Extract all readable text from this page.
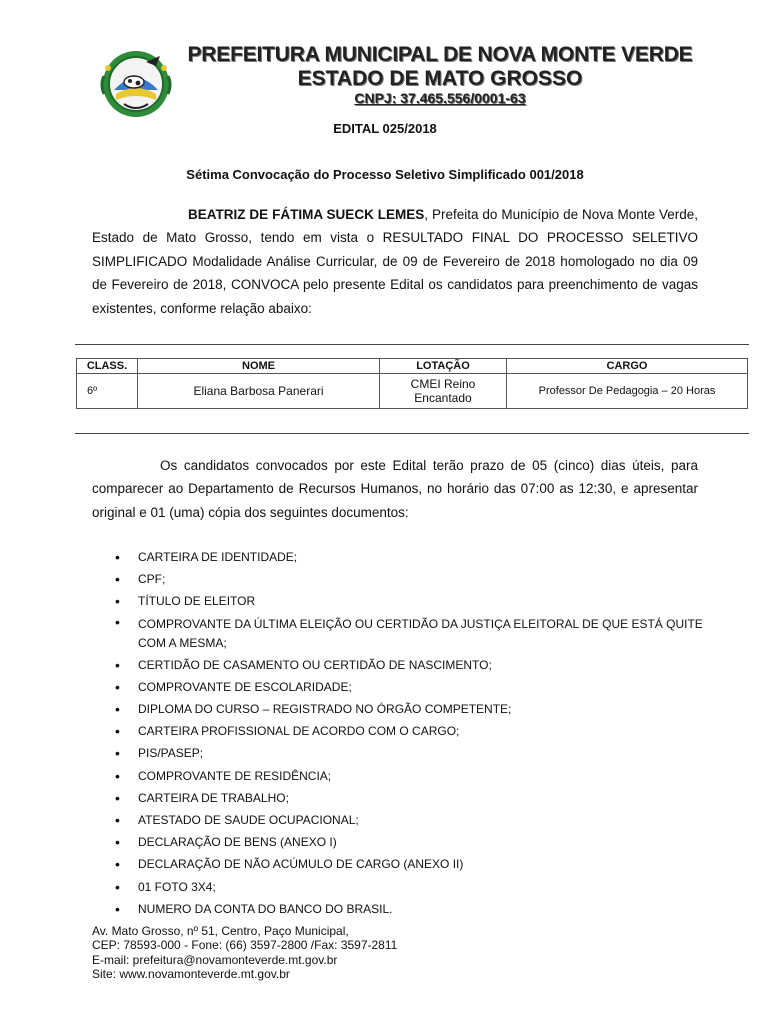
PREFEITURA MUNICIPAL DE NOVA MONTE VERDE
ESTADO DE MATO GROSSO
CNPJ: 37.465.556/0001-63
EDITAL 025/2018
Sétima Convocação do Processo Seletivo Simplificado 001/2018
BEATRIZ DE FÁTIMA SUECK LEMES, Prefeita do Município de Nova Monte Verde, Estado de Mato Grosso, tendo em vista o RESULTADO FINAL DO PROCESSO SELETIVO SIMPLIFICADO Modalidade Análise Curricular, de 09 de Fevereiro de 2018 homologado no dia 09 de Fevereiro de 2018, CONVOCA pelo presente Edital os candidatos para preenchimento de vagas existentes, conforme relação abaixo:
CLASS.	NOME	LOTAÇÃO	CARGO
6º	Eliana Barbosa Panerari	CMEI Reino Encantado	Professor De Pedagogia – 20 Horas
Os candidatos convocados por este Edital terão prazo de 05 (cinco) dias úteis, para comparecer ao Departamento de Recursos Humanos, no horário das 07:00 as 12:30, e apresentar original e 01 (uma) cópia dos seguintes documentos:
• CARTEIRA DE IDENTIDADE;
• CPF;
• TÍTULO DE ELEITOR
• COMPROVANTE DA ÚLTIMA ELEIÇÃO OU CERTIDÃO DA JUSTIÇA ELEITORAL DE QUE ESTÁ QUITE COM A MESMA;
• CERTIDÃO DE CASAMENTO OU CERTIDÃO DE NASCIMENTO;
• COMPROVANTE DE ESCOLARIDADE;
• DIPLOMA DO CURSO – REGISTRADO NO ÓRGÃO COMPETENTE;
• CARTEIRA PROFISSIONAL DE ACORDO COM O CARGO;
• PIS/PASEP;
• COMPROVANTE DE RESIDÊNCIA;
• CARTEIRA DE TRABALHO;
• ATESTADO DE SAUDE OCUPACIONAL;
• DECLARAÇÃO DE BENS (ANEXO I)
• DECLARAÇÃO DE NÃO ACÚMULO DE CARGO (ANEXO II)
• 01 FOTO 3X4;
• NUMERO DA CONTA DO BANCO DO BRASIL.
Av. Mato Grosso, nº 51, Centro, Paço Municipal,
CEP: 78593-000 - Fone: (66) 3597-2800 /Fax: 3597-2811
E-mail: prefeitura@novamonteverde.mt.gov.br
Site: www.novamonteverde.mt.gov.br
